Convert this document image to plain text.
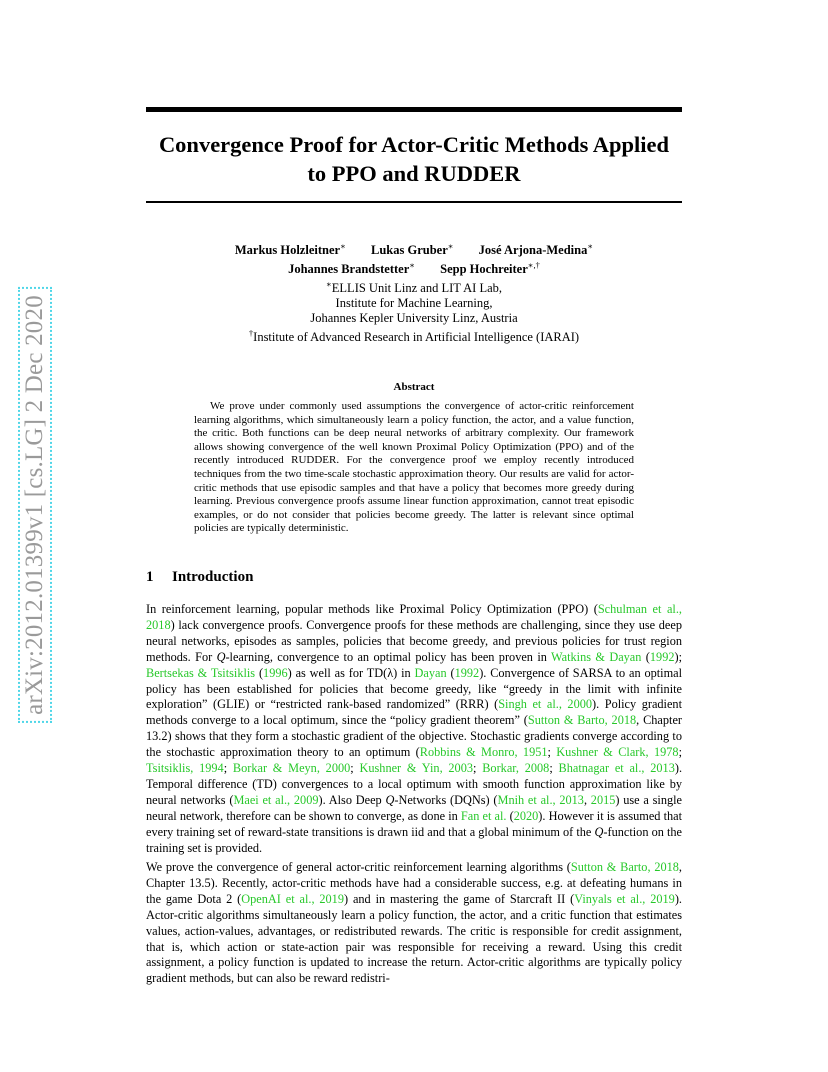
Convergence Proof for Actor-Critic Methods Applied
to PPO and RUDDER
arXiv:2012.01399v1 [cs.LG] 2 Dec 2020
Markus Holzleitner∗ Lukas Gruber∗ José Arjona-Medina∗
Johannes Brandstetter∗ Sepp Hochreiter∗,†
∗ELLIS Unit Linz and LIT AI Lab,
Institute for Machine Learning,
Johannes Kepler University Linz, Austria
†Institute of Advanced Research in Artificial Intelligence (IARAI)
Abstract
We prove under commonly used assumptions the convergence of actor-critic reinforcement learning algorithms, which simultaneously learn a policy function, the actor, and a value function, the critic. Both functions can be deep neural networks of arbitrary complexity. Our framework allows showing convergence of the well known Proximal Policy Optimization (PPO) and of the recently introduced RUDDER. For the convergence proof we employ recently introduced techniques from the two time-scale stochastic approximation theory. Our results are valid for actor-critic methods that use episodic samples and that have a policy that becomes more greedy during learning. Previous convergence proofs assume linear function approximation, cannot treat episodic examples, or do not consider that policies become greedy. The latter is relevant since optimal policies are typically deterministic.
1 Introduction
In reinforcement learning, popular methods like Proximal Policy Optimization (PPO) (Schulman et al., 2018) lack convergence proofs. Convergence proofs for these methods are challenging, since they use deep neural networks, episodes as samples, policies that become greedy, and previous policies for trust region methods. For Q-learning, convergence to an optimal policy has been proven in Watkins & Dayan (1992); Bertsekas & Tsitsiklis (1996) as well as for TD(λ) in Dayan (1992). Convergence of SARSA to an optimal policy has been established for policies that become greedy, like “greedy in the limit with infinite exploration” (GLIE) or “restricted rank-based randomized” (RRR) (Singh et al., 2000). Policy gradient methods converge to a local optimum, since the “policy gradient theorem” (Sutton & Barto, 2018, Chapter 13.2) shows that they form a stochastic gradient of the objective. Stochastic gradients converge according to the stochastic approximation theory to an optimum (Robbins & Monro, 1951; Kushner & Clark, 1978; Tsitsiklis, 1994; Borkar & Meyn, 2000; Kushner & Yin, 2003; Borkar, 2008; Bhatnagar et al., 2013). Temporal difference (TD) convergences to a local optimum with smooth function approximation like by neural networks (Maei et al., 2009). Also Deep Q-Networks (DQNs) (Mnih et al., 2013, 2015) use a single neural network, therefore can be shown to converge, as done in Fan et al. (2020). However it is assumed that every training set of reward-state transitions is drawn iid and that a global minimum of the Q-function on the training set is provided.
We prove the convergence of general actor-critic reinforcement learning algorithms (Sutton & Barto, 2018, Chapter 13.5). Recently, actor-critic methods have had a considerable success, e.g. at defeating humans in the game Dota 2 (OpenAI et al., 2019) and in mastering the game of Starcraft II (Vinyals et al., 2019). Actor-critic algorithms simultaneously learn a policy function, the actor, and a critic function that estimates values, action-values, advantages, or redistributed rewards. The critic is responsible for credit assignment, that is, which action or state-action pair was responsible for receiving a reward. Using this credit assignment, a policy function is updated to increase the return. Actor-critic algorithms are typically policy gradient methods, but can also be reward redistri-
